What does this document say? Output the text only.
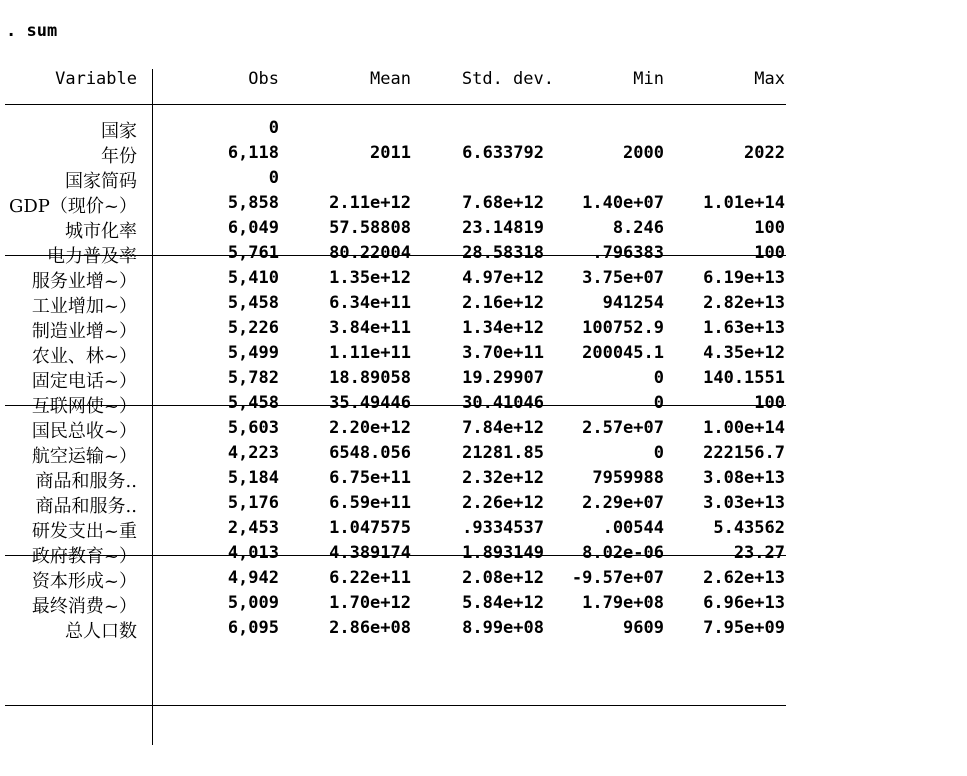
. sum
Variable	Obs	Mean	Std. dev.	Min	Max
国家	0
年份	6,118	2011	6.633792	2000	2022
国家简码	0
GDP（现价~）	5,858	2.11e+12	7.68e+12 1.40e+07 1.01e+14
城市化率	6,049	57.58808	23.14819	8.246	100
电力普及率	5,761	80.22004	28.58318	.796383	100
服务业增~）	5,410	1.35e+12	4.97e+12 3.75e+07 6.19e+13
工业增加~）	5,458	6.34e+11	2.16e+12	941254 2.82e+13
制造业增~）	5,226	3.84e+11	1.34e+12 100752.9 1.63e+13
农业、林~）	5,499	1.11e+11	3.70e+11 200045.1 4.35e+12
固定电话~）	5,782	18.89058	19.29907	0 140.1551
互联网使~）	5,458	35.49446	30.41046	0	100
国民总收~）	5,603	2.20e+12	7.84e+12 2.57e+07 1.00e+14
航空运输~）	4,223	6548.056	21281.85	0 222156.7
商品和服务..	5,184	6.75e+11	2.32e+12	7959988 3.08e+13
商品和服务..	5,176	6.59e+11	2.26e+12 2.29e+07 3.03e+13
研发支出~重	2,453	1.047575	.9334537	.00544	5.43562
政府教育~）	4,013	4.389174	1.893149 8.02e-06	23.27
资本形成~）	4,942	6.22e+11	2.08e+12 -9.57e+07 2.62e+13
最终消费~）	5,009	1.70e+12	5.84e+12 1.79e+08 6.96e+13
总人口数	6,095	2.86e+08	8.99e+08	9609 7.95e+09
